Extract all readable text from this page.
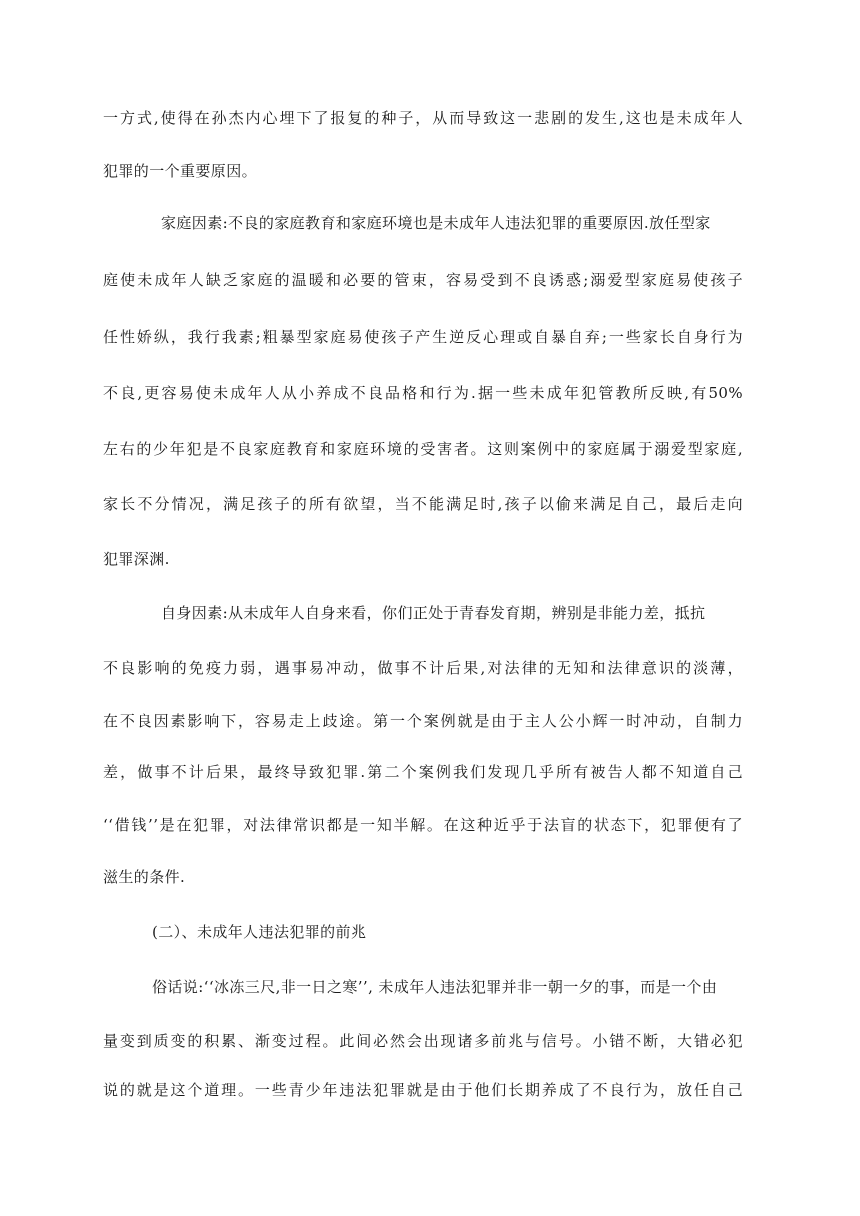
一方式,使得在孙杰内心埋下了报复的种子，从而导致这一悲剧的发生,这也是未成年人
犯罪的一个重要原因。
家庭因素:不良的家庭教育和家庭环境也是未成年人违法犯罪的重要原因.放任型家
庭使未成年人缺乏家庭的温暖和必要的管束，容易受到不良诱惑;溺爱型家庭易使孩子
任性娇纵，我行我素;粗暴型家庭易使孩子产生逆反心理或自暴自弃;一些家长自身行为
不良,更容易使未成年人从小养成不良品格和行为.据一些未成年犯管教所反映,有50%
左右的少年犯是不良家庭教育和家庭环境的受害者。这则案例中的家庭属于溺爱型家庭,
家长不分情况，满足孩子的所有欲望，当不能满足时,孩子以偷来满足自己，最后走向
犯罪深渊.
自身因素:从未成年人自身来看，你们正处于青春发育期，辨别是非能力差，抵抗
不良影响的免疫力弱，遇事易冲动，做事不计后果,对法律的无知和法律意识的淡薄，
在不良因素影响下，容易走上歧途。第一个案例就是由于主人公小辉一时冲动，自制力
差，做事不计后果，最终导致犯罪.第二个案例我们发现几乎所有被告人都不知道自己
‘‘借钱’’是在犯罪，对法律常识都是一知半解。在这种近乎于法盲的状态下，犯罪便有了
滋生的条件.
(二）、未成年人违法犯罪的前兆
俗话说:‘‘冰冻三尺,非一日之寒’’, 未成年人违法犯罪并非一朝一夕的事，而是一个由
量变到质变的积累、渐变过程。此间必然会出现诸多前兆与信号。小错不断，大错必犯
说的就是这个道理。一些青少年违法犯罪就是由于他们长期养成了不良行为，放任自己
